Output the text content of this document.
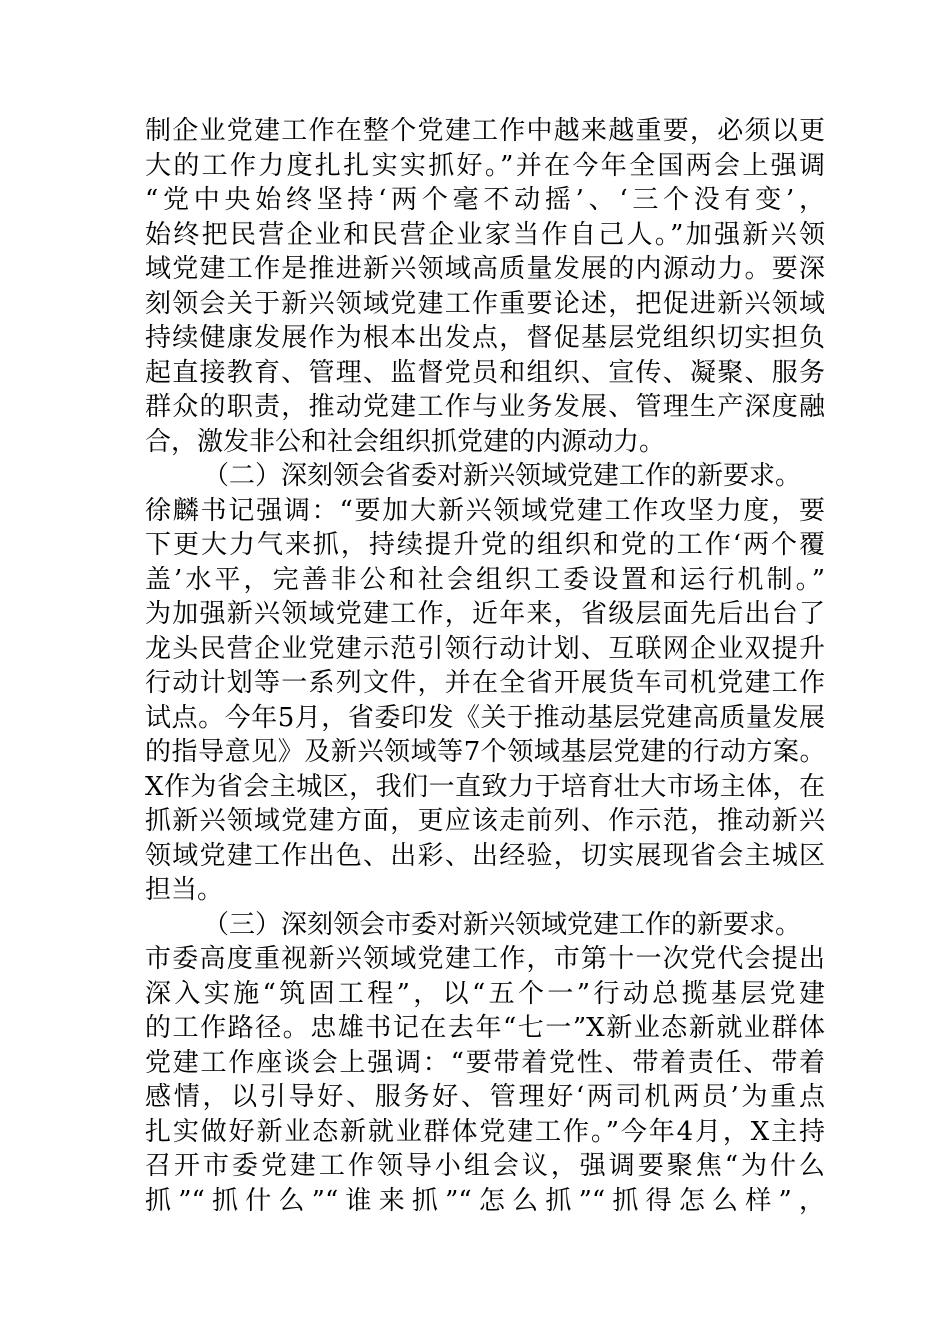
制企业党建工作在整个党建工作中越来越重要，必须以更
大的工作力度扎扎实实抓好。”并在今年全国两会上强调
“党中央始终坚持‘两个毫不动摇’、‘三个没有变’，
始终把民营企业和民营企业家当作自己人。”加强新兴领
域党建工作是推进新兴领域高质量发展的内源动力。要深
刻领会关于新兴领域党建工作重要论述，把促进新兴领域
持续健康发展作为根本出发点，督促基层党组织切实担负
起直接教育、管理、监督党员和组织、宣传、凝聚、服务
群众的职责，推动党建工作与业务发展、管理生产深度融
合，激发非公和社会组织抓党建的内源动力。
（二）深刻领会省委对新兴领域党建工作的新要求。
徐麟书记强调：“要加大新兴领域党建工作攻坚力度，要
下更大力气来抓，持续提升党的组织和党的工作‘两个覆
盖’水平，完善非公和社会组织工委设置和运行机制。”
为加强新兴领域党建工作，近年来，省级层面先后出台了
龙头民营企业党建示范引领行动计划、互联网企业双提升
行动计划等一系列文件，并在全省开展货车司机党建工作
试点。今年5月，省委印发《关于推动基层党建高质量发展
的指导意见》及新兴领域等7个领域基层党建的行动方案。
X作为省会主城区，我们一直致力于培育壮大市场主体，在
抓新兴领域党建方面，更应该走前列、作示范，推动新兴
领域党建工作出色、出彩、出经验，切实展现省会主城区
担当。
（三）深刻领会市委对新兴领域党建工作的新要求。
市委高度重视新兴领域党建工作，市第十一次党代会提出
深入实施“筑固工程”，以“五个一”行动总揽基层党建
的工作路径。忠雄书记在去年“七一”X新业态新就业群体
党建工作座谈会上强调：“要带着党性、带着责任、带着
感情，以引导好、服务好、管理好‘两司机两员’为重点
扎实做好新业态新就业群体党建工作。”今年4月，X主持
召开市委党建工作领导小组会议，强调要聚焦“为什么
抓”“抓什么”“谁来抓”“怎么抓”“抓得怎么样”，
